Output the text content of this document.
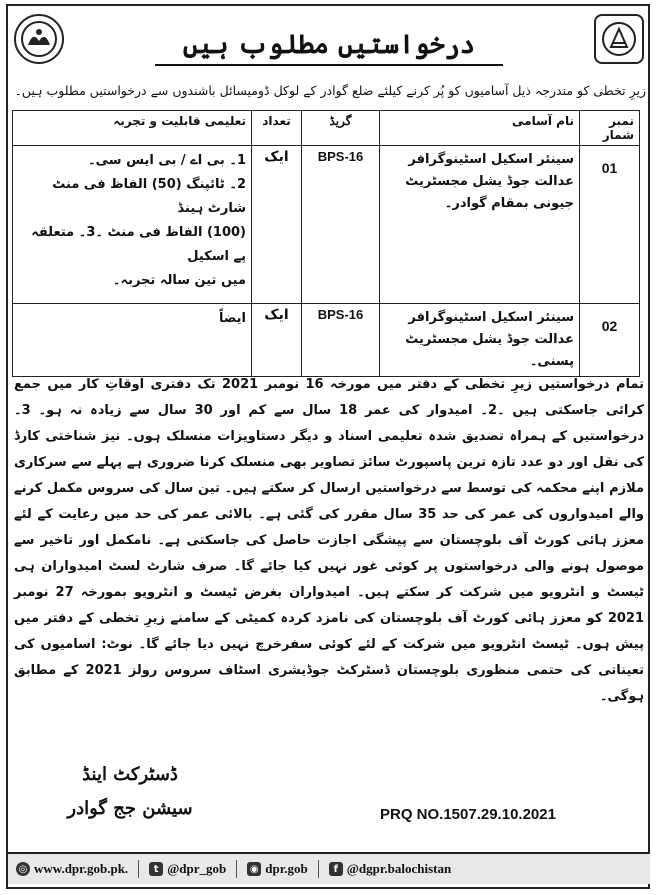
درخواستیں مطلوب ہیں
زیرِ تخطی کو مندرجہ ذیل آسامیوں کو پُر کرنے کیلئے ضلع گوادر کے لوکل ڈومیسائل باشندوں سے درخواستیں مطلوب ہیں۔
نمبر شمار	نام آسامی	گریڈ	تعداد	تعلیمی قابلیت و تجربہ
01	سینئر اسکیل اسٹینوگرافر عدالت جوڈ یشل مجسٹریٹ جیونی بمقام گوادر۔	BPS-16	ایک	1۔ بی اے / بی ایس سی۔
2۔ ٹائپنگ (50) الفاظ فی منٹ شارٹ ہینڈ
(100) الفاظ فی منٹ ۔3۔ متعلقہ پے اسکیل
میں تین سالہ تجربہ۔

02	سینئر اسکیل اسٹینوگرافر عدالت جوڈ یشل مجسٹریٹ پسنی۔	BPS-16	ایک	ایضاً

تمام درخواستیں زیرِ تخطی کے دفتر میں مورخہ 16 نومبر 2021 تک دفتری اوقاتِ کار میں جمع کرائی جاسکتی ہیں ۔2۔ امیدوار کی عمر 18 سال سے کم اور 30 سال سے زیادہ نہ ہو۔ 3۔ درخواستیں کے ہمراہ تصدیق شدہ تعلیمی اسناد و دیگر دستاویزات منسلک ہوں۔ نیز شناختی کارڈ کی نقل اور دو عدد تازہ ترین پاسپورٹ سائز تصاویر بھی منسلک کرنا ضروری ہے پہلے سے سرکاری ملازم اپنے محکمہ کی توسط سے درخواستیں ارسال کر سکتے ہیں۔ تین سال کی سروس مکمل کرنے والے امیدواروں کی عمر کی حد 35 سال مقرر کی گئی ہے۔ بالائی عمر کی حد میں رعایت کے لئے معزز ہائی کورٹ آف بلوچستان سے پیشگی اجازت حاصل کی جاسکتی ہے۔ نامکمل اور تاخیر سے موصول ہونے والی درخواستوں پر کوئی غور نہیں کیا جائے گا۔ صرف شارٹ لسٹ امیدواران ہی ٹیسٹ و انٹرویو میں شرکت کر سکتے ہیں۔ امیدواران بغرض ٹیسٹ و انٹرویو بمورخہ 27 نومبر 2021 کو معزز ہائی کورٹ آف بلوچستان کی نامزد کردہ کمیٹی کے سامنے زیرِ تخطی کے دفتر میں پیش ہوں۔ ٹیسٹ انٹرویو میں شرکت کے لئے کوئی سفرخرچ نہیں دیا جائے گا۔ نوٹ: اسامیوں کی تعیناتی کی حتمی منظوری بلوچستان ڈسٹرکٹ جوڈیشری اسٹاف سروس رولز 2021 کے مطابق ہوگی۔

ڈسٹرکٹ اینڈ
سیشن جج گوادر	PRQ NO.1507.29.10.2021
◎ www.dpr.gob.pk.	t @dpr_gob ◉ dpr.gob	f @dgpr.balochistan
